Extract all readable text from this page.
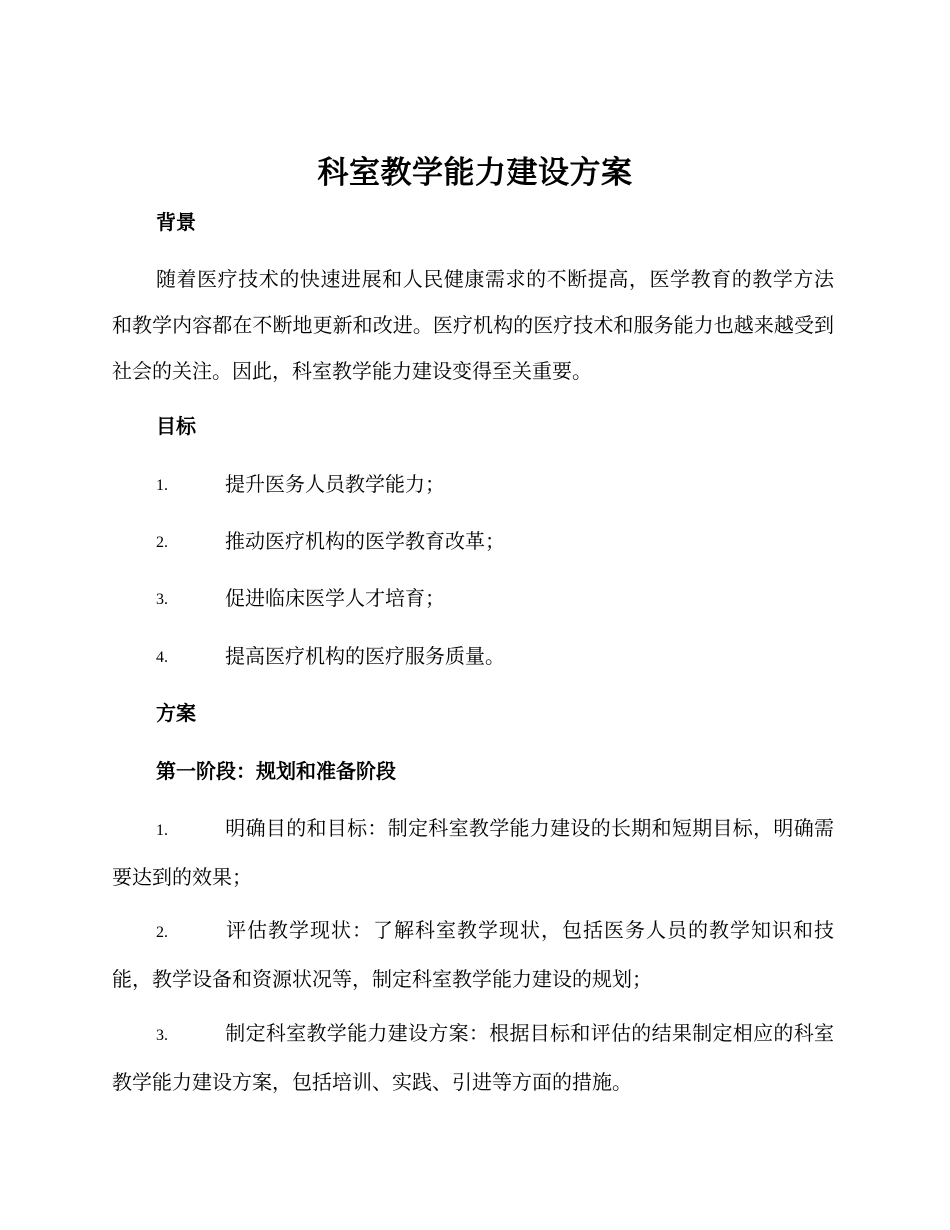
科室教学能力建设方案
背景

随着医疗技术的快速进展和人民健康需求的不断提高，医学教育的教学方法和教学内容都在不断地更新和改进。医疗机构的医疗技术和服务能力也越来越受到社会的关注。因此，科室教学能力建设变得至关重要。

目标
1.	提升医务人员教学能力；
2.	推动医疗机构的医学教育改革；
3.	促进临床医学人才培育；
4.	提高医疗机构的医疗服务质量。
方案
第一阶段：规划和准备阶段
1.	明确目的和目标：制定科室教学能力建设的长期和短期目标，明确需要达到的效果；
2.	评估教学现状：了解科室教学现状，包括医务人员的教学知识和技能，教学设备和资源状况等，制定科室教学能力建设的规划；
3.	制定科室教学能力建设方案：根据目标和评估的结果制定相应的科室教学能力建设方案，包括培训、实践、引进等方面的措施。
